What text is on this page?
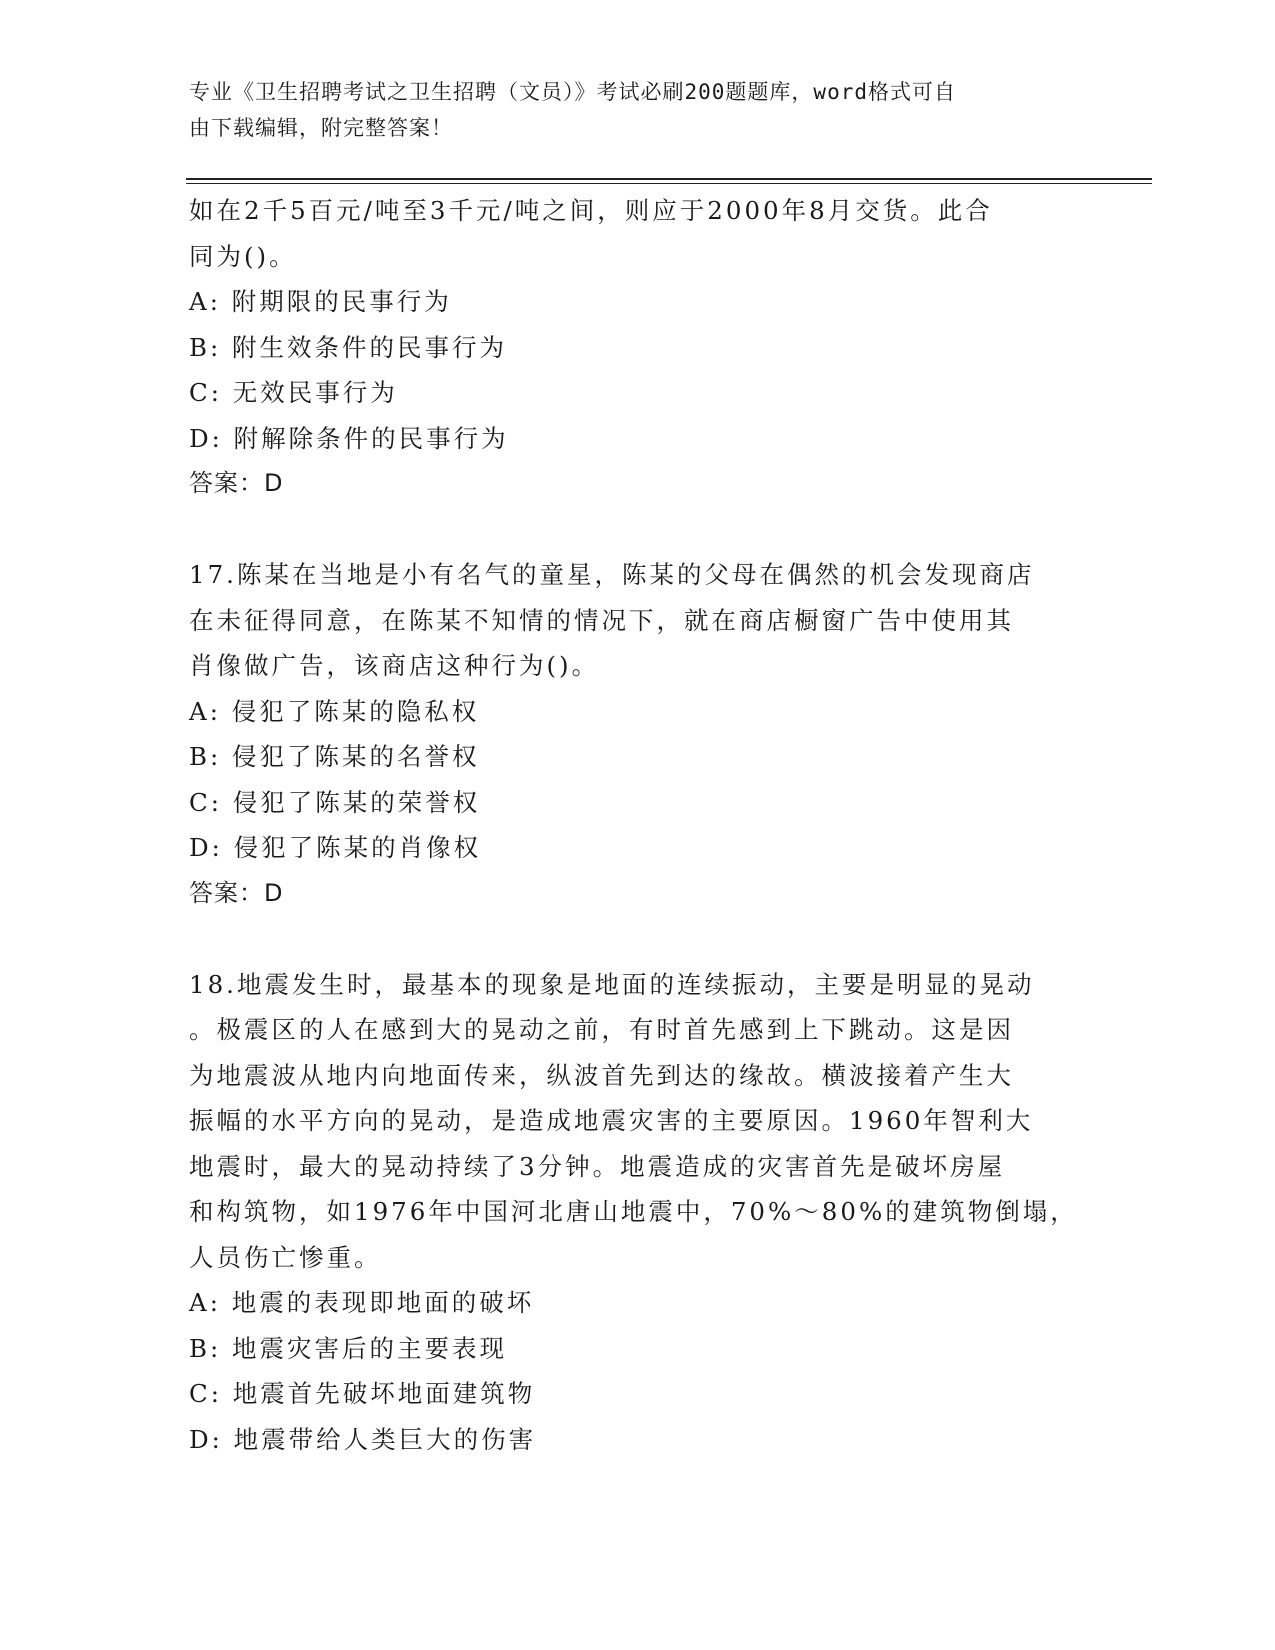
专业《卫生招聘考试之卫生招聘（文员）》考试必刷200题题库，word格式可自
由下载编辑，附完整答案！
如在2千5百元/吨至3千元/吨之间，则应于2000年8月交货。此合
同为()。
A: 附期限的民事行为
B: 附生效条件的民事行为
C: 无效民事行为
D: 附解除条件的民事行为
答案：D
17.陈某在当地是小有名气的童星，陈某的父母在偶然的机会发现商店
在未征得同意，在陈某不知情的情况下，就在商店橱窗广告中使用其
肖像做广告，该商店这种行为()。
A: 侵犯了陈某的隐私权
B: 侵犯了陈某的名誉权
C: 侵犯了陈某的荣誉权
D: 侵犯了陈某的肖像权
答案：D
18.地震发生时，最基本的现象是地面的连续振动，主要是明显的晃动
。极震区的人在感到大的晃动之前，有时首先感到上下跳动。这是因
为地震波从地内向地面传来，纵波首先到达的缘故。横波接着产生大
振幅的水平方向的晃动，是造成地震灾害的主要原因。1960年智利大
地震时，最大的晃动持续了3分钟。地震造成的灾害首先是破坏房屋
和构筑物，如1976年中国河北唐山地震中，70%～80%的建筑物倒塌，
人员伤亡惨重。
A: 地震的表现即地面的破坏
B: 地震灾害后的主要表现
C: 地震首先破坏地面建筑物
D: 地震带给人类巨大的伤害
